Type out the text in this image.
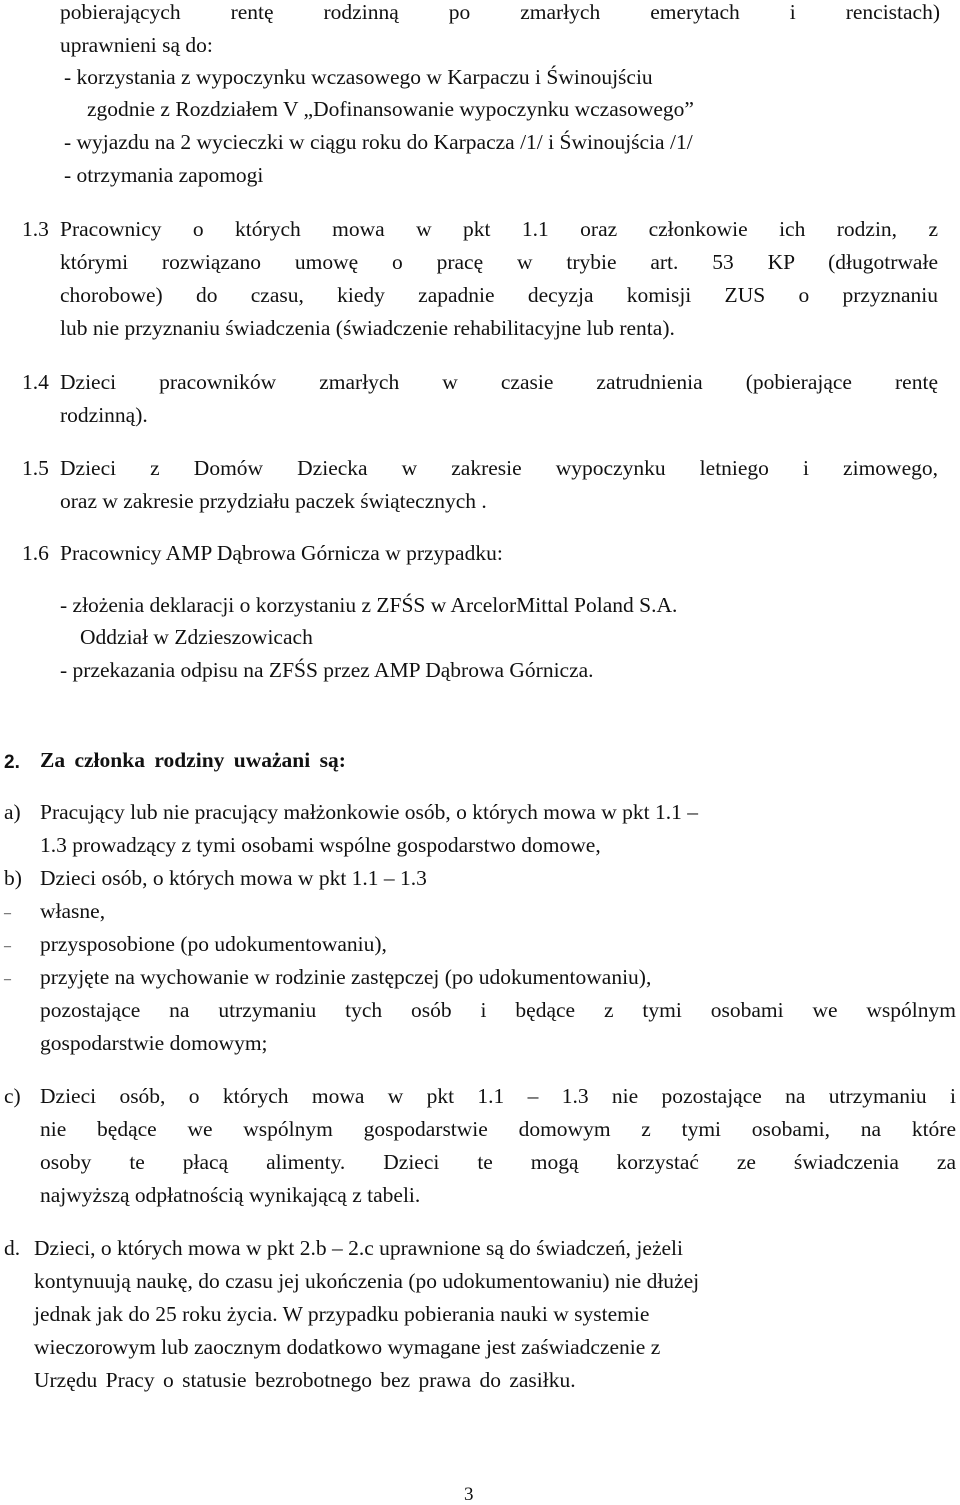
pobierających rentę rodzinną po zmarłych emerytach i rencistach)
uprawnieni są do:
- korzystania z wypoczynku wczasowego w Karpaczu i Świnoujściu
zgodnie z Rozdziałem V „Dofinansowanie wypoczynku wczasowego”
- wyjazdu na 2 wycieczki w ciągu roku do Karpacza /1/ i Świnoujścia /1/
- otrzymania zapomogi
1.3 Pracownicy o których mowa w pkt 1.1 oraz członkowie ich rodzin, z
którymi rozwiązano umowę o pracę w trybie art. 53 KP (długotrwałe
chorobowe) do czasu, kiedy zapadnie decyzja komisji ZUS o przyznaniu
lub nie przyznaniu świadczenia (świadczenie rehabilitacyjne lub renta).
1.4 Dzieci pracowników zmarłych w czasie zatrudnienia (pobierające rentę
rodzinną).
1.5 Dzieci z Domów Dziecka w zakresie wypoczynku letniego i zimowego,
oraz w zakresie przydziału paczek świątecznych .
1.6 Pracownicy AMP Dąbrowa Górnicza w przypadku:
- złożenia deklaracji o korzystaniu z ZFŚS w ArcelorMittal Poland S.A.
Oddział w Zdzieszowicach
- przekazania odpisu na ZFŚS przez AMP Dąbrowa Górnicza.
2. Za członka rodziny uważani są:
a) Pracujący lub nie pracujący małżonkowie osób, o których mowa w pkt 1.1 –
1.3 prowadzący z tymi osobami wspólne gospodarstwo domowe,
b) Dzieci osób, o których mowa w pkt 1.1 – 1.3
– własne,
– przysposobione (po udokumentowaniu),
– przyjęte na wychowanie w rodzinie zastępczej (po udokumentowaniu),
pozostające na utrzymaniu tych osób i będące z tymi osobami we wspólnym
gospodarstwie domowym;
c) Dzieci osób, o których mowa w pkt 1.1 – 1.3 nie pozostające na utrzymaniu i
nie będące we wspólnym gospodarstwie domowym z tymi osobami, na które
osoby te płacą alimenty. Dzieci te mogą korzystać ze świadczenia za
najwyższą odpłatnością wynikającą z tabeli.
d. Dzieci, o których mowa w pkt 2.b – 2.c uprawnione są do świadczeń, jeżeli
kontynuują naukę, do czasu jej ukończenia (po udokumentowaniu) nie dłużej
jednak jak do 25 roku życia. W przypadku pobierania nauki w systemie
wieczorowym lub zaocznym dodatkowo wymagane jest zaświadczenie z
Urzędu Pracy o statusie bezrobotnego bez prawa do zasiłku.
3
